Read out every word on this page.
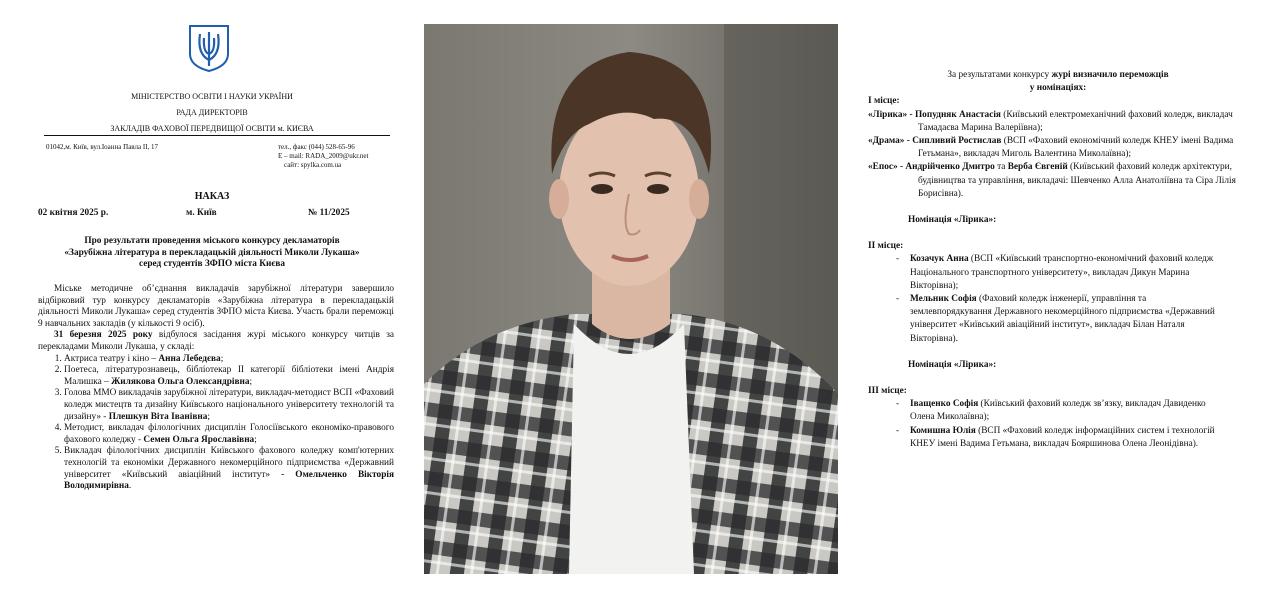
МІНІСТЕРСТВО ОСВІТИ І НАУКИ УКРАЇНИ
РАДА ДИРЕКТОРІВ
ЗАКЛАДІВ ФАХОВОЇ ПЕРЕДВИЩОЇ ОСВІТИ м. КИЄВА
01042,м. Київ, вул.Іоанна Павла ІІ, 17	тел., факс (044) 528-65-96
E – mail: RADA_2009@ukr.net
сайт: spylka.com.ua
НАКАЗ
02 квітня 2025 р.	м. Київ	№ 11/2025
Про результати проведення міського конкурсу декламаторів
«Зарубіжна література в перекладацькій діяльності Миколи Лукаша»
серед студентів ЗФПО міста Києва

Міське методичне об’єднання викладачів зарубіжної літератури завершило відбірковий тур конкурсу декламаторів «Зарубіжна література в перекладацькій діяльності Миколи Лукаша» серед студентів ЗФПО міста Києва. Участь брали переможці 9 навчальних закладів (у кількості 9 осіб).

31 березня 2025 року відбулося засідання журі міського конкурсу читців за перекладами Миколи Лукаша, у складі:

1. Актриса театру і кіно – Анна Лебедєва;
2. Поетеса, літературознавець, бібліотекар ІІ категорії бібліотеки імені Андрія Малишка – Жилякова Ольга Олександрівна;
3. Голова ММО викладачів зарубіжної літератури, викладач-методист ВСП «Фаховий коледж мистецтв та дизайну Київського національного університету технологій та дизайну» - Плешкун Віта Іванівна;
4. Методист, викладач філологічних дисциплін Голосіївського економіко-правового фахового коледжу - Семен Ольга Ярославівна;
5. Викладач філологічних дисциплін Київського фахового коледжу комп'ютерних технологій та економіки Державного некомерційного підприємства «Державний університет «Київський авіаційний інститут» - Омельченко Вікторія Володимирівна.

За результатами конкурсу журі визначило переможців

у номінаціях:

І місце:

«Лірика» - Попудняк Анастасія (Київський електромеханічний фаховий коледж, викладач Тамадаєва Марина Валеріївна);

«Драма» - Сипливий Ростислав (ВСП «Фаховий економічний коледж КНЕУ імені Вадима Гетьмана», викладач Миголь Валентина Миколаївна);

«Епос» - Андрійченко Дмитро та Верба Євгеній (Київський фаховий коледж архітектури, будівництва та управління, викладачі: Шевченко Алла Анатоліївна та Сіра Лілія Борисівна).

Номінація «Лірика»:

ІІ місце:

- Козачук Анна (ВСП «Київський транспортно-економічний фаховий коледж Національного транспортного університету», викладач Дикун Марина Вікторівна);
- Мельник Софія (Фаховий коледж інженерії, управління та землевпорядкування Державного некомерційного підприємства «Державний університет «Київський авіаційний інститут», викладач Білан Наталя Вікторівна).

Номінація «Лірика»:

ІІІ місце:

- Іващенко Софія (Київський фаховий коледж зв’язку, викладач Давиденко Олена Миколаївна);
- Комишна Юлія (ВСП «Фаховий коледж інформаційних систем і технологій КНЕУ імені Вадима Гетьмана, викладач Бояршинова Олена Леонідівна).
